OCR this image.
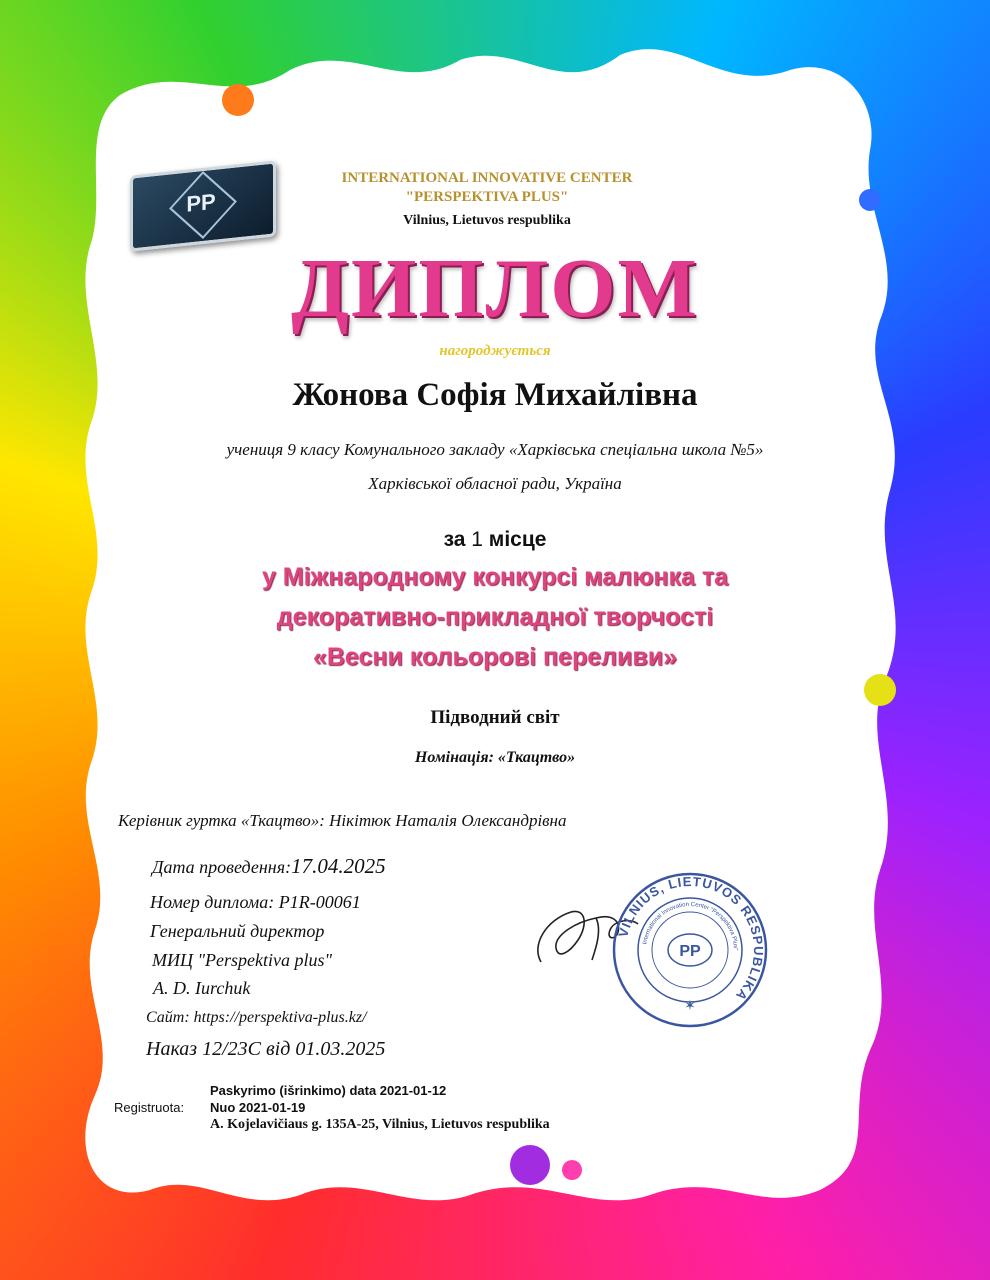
PP

INTERNATIONAL INNOVATIVE CENTER

"PERSPEKTIVA PLUS"

Vilnius, Lietuvos respublika

ДИПЛОМ

нагороджується

Жонова Софія Михайлівна

учениця 9 класу Комунального закладу «Харківська спеціальна школа №5»

Харківської обласної ради, Україна

за 1 місце

у Міжнародному конкурсі малюнка та

декоративно-прикладної творчості

«Весни кольорові переливи»

Підводний світ

Номінація: «Ткацтво»

Керівник гуртка «Ткацтво»: Нікітюк Наталія Олександрівна

Дата проведення:17.04.2025

Номер диплома: P1R-00061

Генеральний директор

МИЦ "Perspektiva plus"

A. D. Iurchuk

Сайт: https://perspektiva-plus.kz/

Наказ 12/23С від 01.03.2025

Registruota:

Paskyrimo (išrinkimo) data 2021-01-12

Nuo 2021-01-19

A. Kojelavičiaus g. 135A-25, Vilnius, Lietuvos respublika

VILNIUS, LIETUVOS RESPUBLIKA
International Innovation Center "Perspektiva Plus"
PP
✶
